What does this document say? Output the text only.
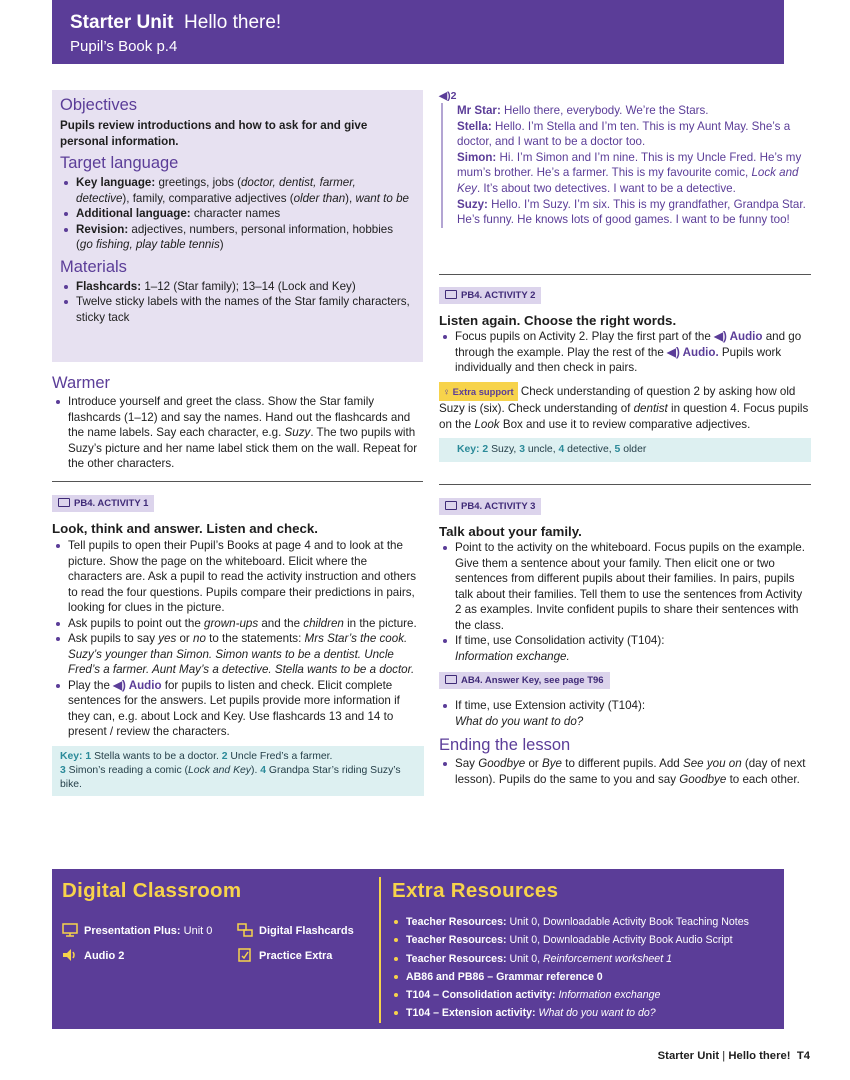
Starter Unit Hello there!
Pupil’s Book p.4
Objectives
Pupils review introductions and how to ask for and give personal information.
Target language
Key language: greetings, jobs (doctor, dentist, farmer, detective), family, comparative adjectives (older than), want to be
Additional language: character names
Revision: adjectives, numbers, personal information, hobbies (go fishing, play table tennis)
Materials
Flashcards: 1–12 (Star family); 13–14 (Lock and Key)
Twelve sticky labels with the names of the Star family characters, sticky tack
Warmer
Introduce yourself and greet the class. Show the Star family flashcards (1–12) and say the names. Hand out the flashcards and the name labels. Say each character, e.g. Suzy. The two pupils with Suzy’s picture and her name label stick them on the wall. Repeat for the other characters.
PB4. ACTIVITY 1
Look, think and answer. Listen and check.
Tell pupils to open their Pupil’s Books at page 4 and to look at the picture. Show the page on the whiteboard. Elicit where the characters are. Ask a pupil to read the activity instruction and others to read the four questions. Pupils compare their predictions in pairs, looking for clues in the picture.
Ask pupils to point out the grown-ups and the children in the picture.
Ask pupils to say yes or no to the statements: Mrs Star’s the cook. Suzy’s younger than Simon. Simon wants to be a dentist. Uncle Fred’s a farmer. Aunt May’s a detective. Stella wants to be a doctor.
Play the ◀) Audio for pupils to listen and check. Elicit complete sentences for the answers. Let pupils provide more information if they can, e.g. about Lock and Key. Use flashcards 13 and 14 to present / review the characters.
Key: 1 Stella wants to be a doctor. 2 Uncle Fred’s a farmer.
3 Simon’s reading a comic (Lock and Key). 4 Grandpa Star’s riding Suzy’s bike.
◀)2
Mr Star: Hello there, everybody. We’re the Stars.
Stella: Hello. I’m Stella and I’m ten. This is my Aunt May. She’s a doctor, and I want to be a doctor too.
Simon: Hi. I’m Simon and I’m nine. This is my Uncle Fred. He’s my mum’s brother. He’s a farmer. This is my favourite comic, Lock and Key. It’s about two detectives. I want to be a detective.
Suzy: Hello. I’m Suzy. I’m six. This is my grandfather, Grandpa Star. He’s funny. He knows lots of good games. I want to be funny too!
PB4. ACTIVITY 2
Listen again. Choose the right words.
Focus pupils on Activity 2. Play the first part of the ◀) Audio and go through the example. Play the rest of the ◀) Audio. Pupils work individually and then check in pairs.
♀ Extra support Check understanding of question 2 by asking how old Suzy is (six). Check understanding of dentist in question 4. Focus pupils on the Look Box and use it to review comparative adjectives.
Key: 2 Suzy, 3 uncle, 4 detective, 5 older
PB4. ACTIVITY 3
Talk about your family.
Point to the activity on the whiteboard. Focus pupils on the example. Give them a sentence about your family. Then elicit one or two sentences from different pupils about their families. In pairs, pupils talk about their families. Tell them to use the sentences from Activity 2 as examples. Invite confident pupils to share their sentences with the class.
If time, use Consolidation activity (T104):
Information exchange.
AB4. Answer Key, see page T96
If time, use Extension activity (T104):
What do you want to do?
Ending the lesson
Say Goodbye or Bye to different pupils. Add See you on (day of next lesson). Pupils do the same to you and say Goodbye to each other.
Digital Classroom
Presentation Plus: Unit 0
Audio 2
Digital Flashcards
Practice Extra
Extra Resources
Teacher Resources: Unit 0, Downloadable Activity Book Teaching Notes
Teacher Resources: Unit 0, Downloadable Activity Book Audio Script
Teacher Resources: Unit 0, Reinforcement worksheet 1
AB86 and PB86 – Grammar reference 0
T104 – Consolidation activity: Information exchange
T104 – Extension activity: What do you want to do?
Starter Unit | Hello there! T4
